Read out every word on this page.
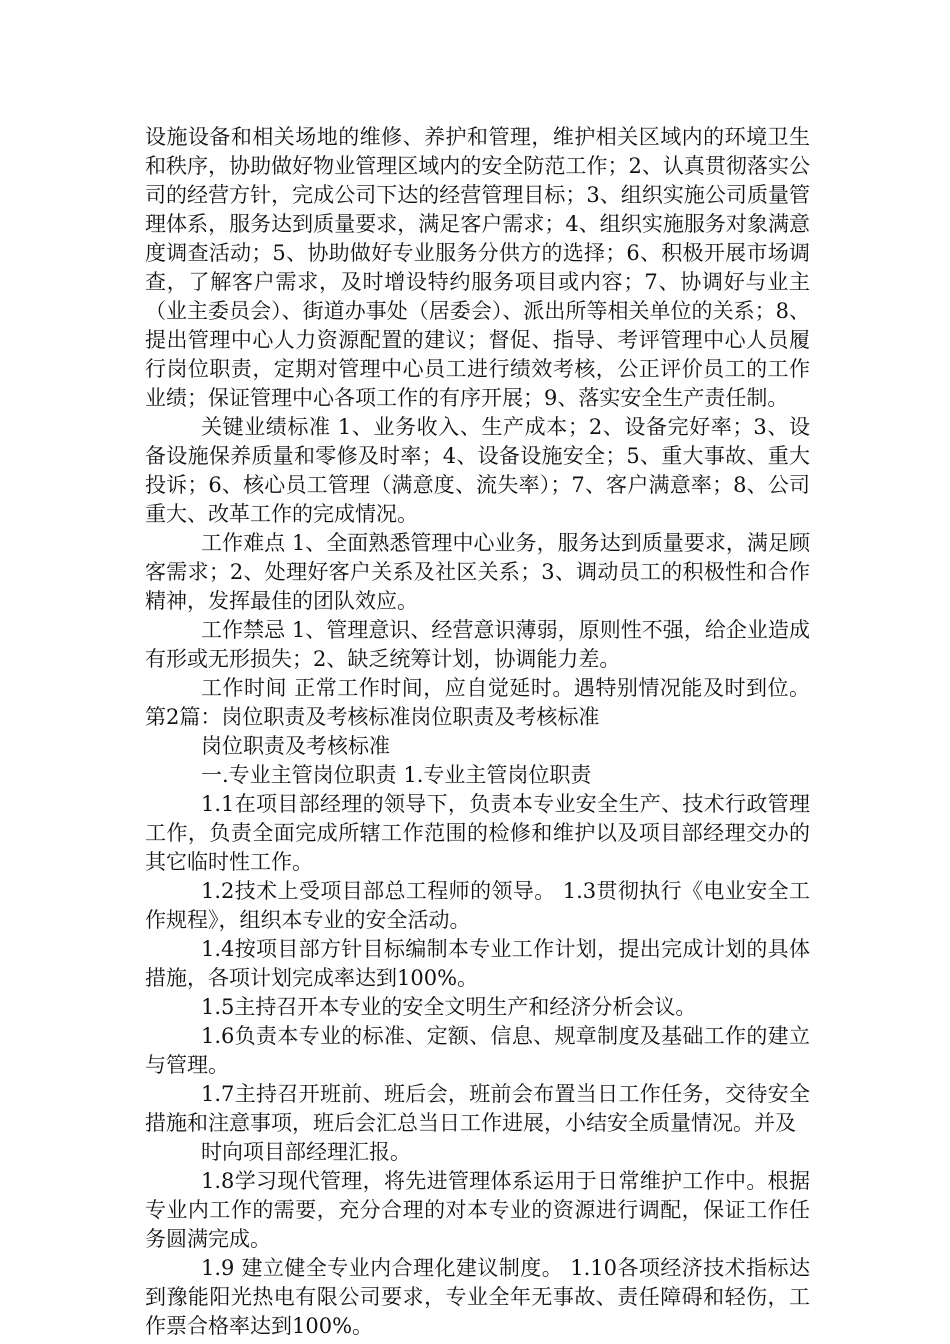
设施设备和相关场地的维修、养护和管理，维护相关区域内的环境卫生和秩序，协助做好物业管理区域内的安全防范工作；2、认真贯彻落实公司的经营方针，完成公司下达的经营管理目标；3、组织实施公司质量管理体系，服务达到质量要求，满足客户需求；4、组织实施服务对象满意度调查活动；5、协助做好专业服务分供方的选择；6、积极开展市场调查，了解客户需求，及时增设特约服务项目或内容；7、协调好与业主（业主委员会）、街道办事处（居委会）、派出所等相关单位的关系；8、提出管理中心人力资源配置的建议；督促、指导、考评管理中心人员履行岗位职责，定期对管理中心员工进行绩效考核，公正评价员工的工作业绩；保证管理中心各项工作的有序开展；9、落实安全生产责任制。

关键业绩标准 1、业务收入、生产成本；2、设备完好率；3、设备设施保养质量和零修及时率；4、设备设施安全；5、重大事故、重大投诉；6、核心员工管理（满意度、流失率）；7、客户满意率；8、公司重大、改革工作的完成情况。

工作难点 1、全面熟悉管理中心业务，服务达到质量要求，满足顾客需求；2、处理好客户关系及社区关系；3、调动员工的积极性和合作精神，发挥最佳的团队效应。

工作禁忌 1、管理意识、经营意识薄弱，原则性不强，给企业造成有形或无形损失；2、缺乏统筹计划，协调能力差。

工作时间 正常工作时间，应自觉延时。遇特别情况能及时到位。第2篇：岗位职责及考核标准岗位职责及考核标准

岗位职责及考核标准

一.专业主管岗位职责 1.专业主管岗位职责

1.1在项目部经理的领导下，负责本专业安全生产、技术行政管理工作，负责全面完成所辖工作范围的检修和维护以及项目部经理交办的其它临时性工作。

1.2技术上受项目部总工程师的领导。 1.3贯彻执行《电业安全工作规程》，组织本专业的安全活动。

1.4按项目部方针目标编制本专业工作计划，提出完成计划的具体措施，各项计划完成率达到100%。

1.5主持召开本专业的安全文明生产和经济分析会议。

1.6负责本专业的标准、定额、信息、规章制度及基础工作的建立与管理。

1.7主持召开班前、班后会，班前会布置当日工作任务，交待安全措施和注意事项，班后会汇总当日工作进展，小结安全质量情况。并及

时向项目部经理汇报。

1.8学习现代管理，将先进管理体系运用于日常维护工作中。根据专业内工作的需要，充分合理的对本专业的资源进行调配，保证工作任务圆满完成。

1.9 建立健全专业内合理化建议制度。 1.10各项经济技术指标达到豫能阳光热电有限公司要求，专业全年无事故、责任障碍和轻伤，工作票合格率达到100%。
